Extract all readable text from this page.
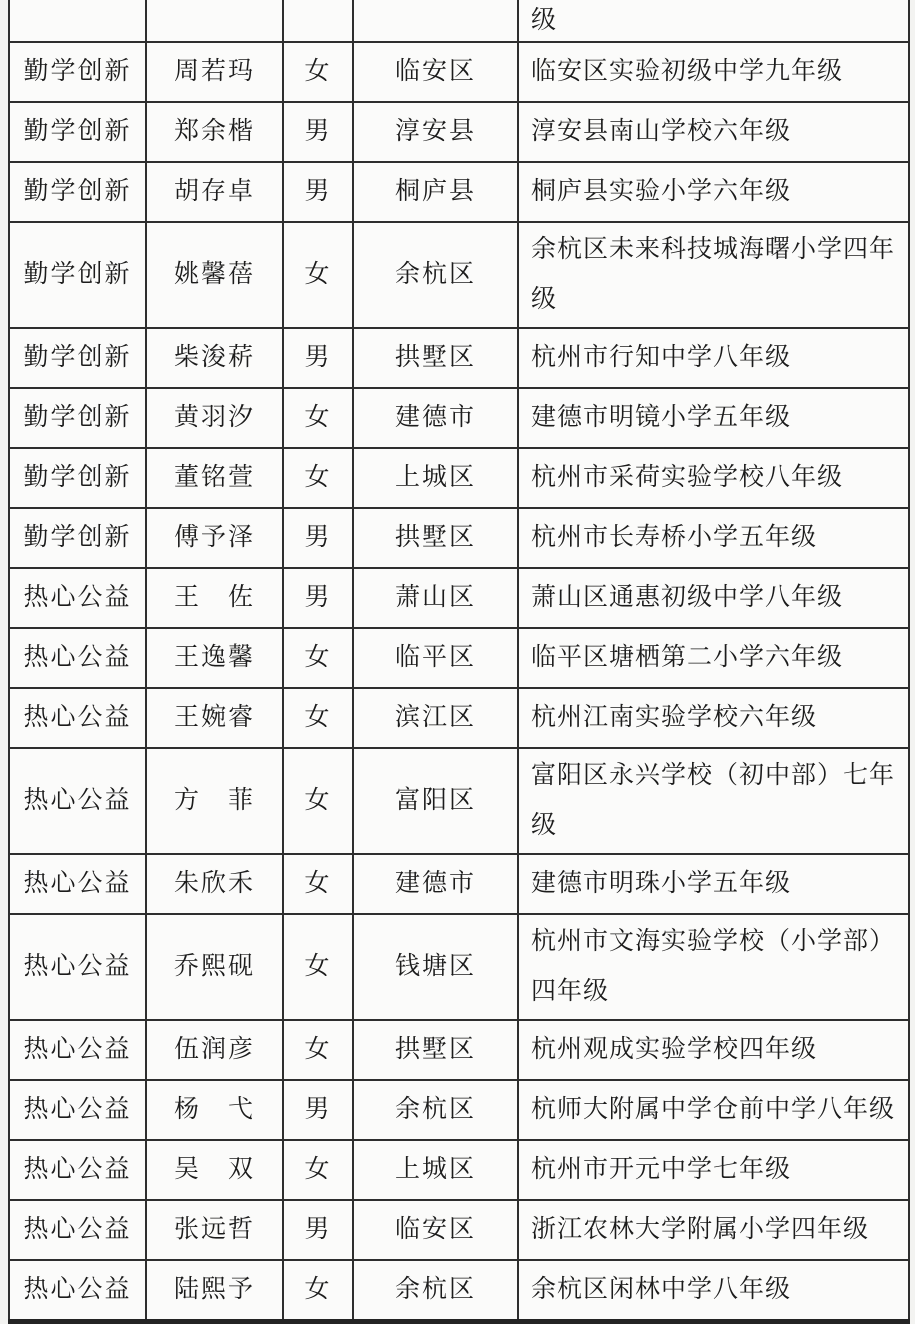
				级
勤学创新	周若玛	女	临安区	临安区实验初级中学九年级
勤学创新	郑余楷	男	淳安县	淳安县南山学校六年级
勤学创新	胡存卓	男	桐庐县	桐庐县实验小学六年级
勤学创新	姚馨蓓	女	余杭区	余杭区未来科技城海曙小学四年级
勤学创新	柴浚菥	男	拱墅区	杭州市行知中学八年级
勤学创新	黄羽汐	女	建德市	建德市明镜小学五年级
勤学创新	董铭萱	女	上城区	杭州市采荷实验学校八年级
勤学创新	傅予泽	男	拱墅区	杭州市长寿桥小学五年级
热心公益	王　佐	男	萧山区	萧山区通惠初级中学八年级
热心公益	王逸馨	女	临平区	临平区塘栖第二小学六年级
热心公益	王婉睿	女	滨江区	杭州江南实验学校六年级
热心公益	方　菲	女	富阳区	富阳区永兴学校（初中部）七年级
热心公益	朱欣禾	女	建德市	建德市明珠小学五年级
热心公益	乔熙砚	女	钱塘区	杭州市文海实验学校（小学部）四年级
热心公益	伍润彦	女	拱墅区	杭州观成实验学校四年级
热心公益	杨　弋	男	余杭区	杭师大附属中学仓前中学八年级
热心公益	吴　双	女	上城区	杭州市开元中学七年级
热心公益	张远哲	男	临安区	浙江农林大学附属小学四年级
热心公益	陆熙予	女	余杭区	余杭区闲林中学八年级
